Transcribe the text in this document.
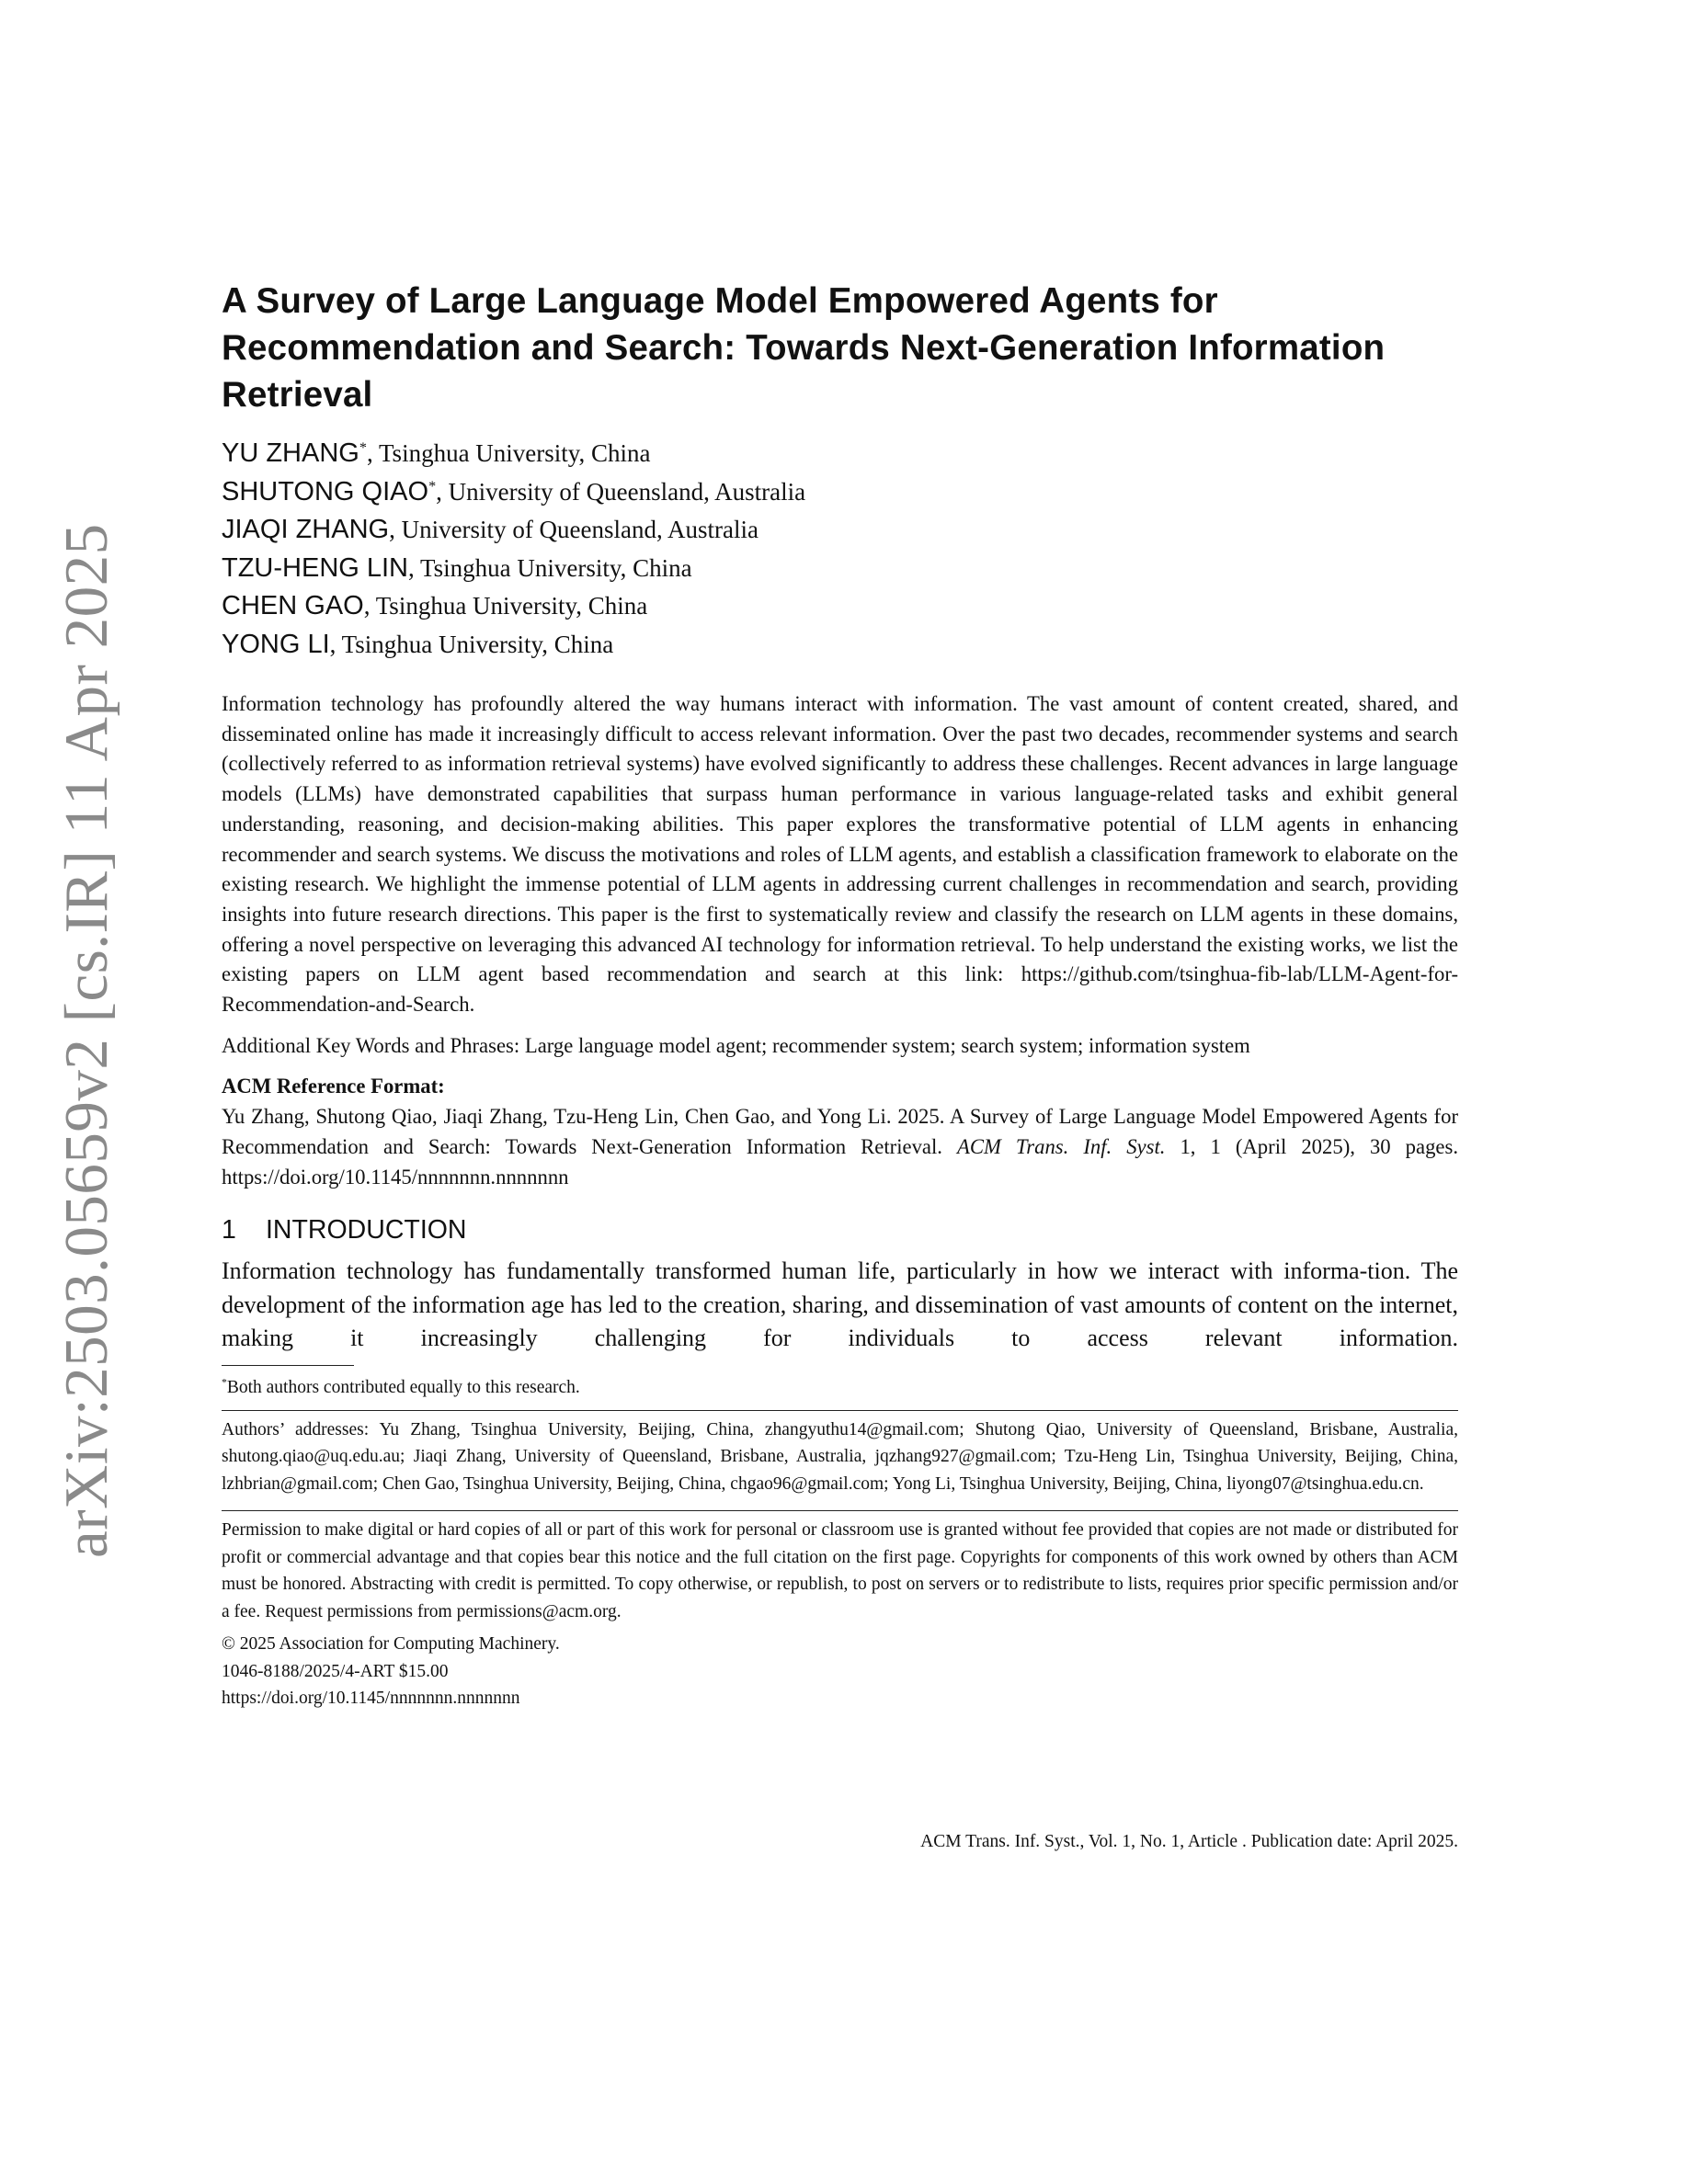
arXiv:2503.05659v2 [cs.IR] 11 Apr 2025
A Survey of Large Language Model Empowered Agents for
Recommendation and Search: Towards Next-Generation Information
Retrieval
YU ZHANG*, Tsinghua University, China
SHUTONG QIAO*, University of Queensland, Australia
JIAQI ZHANG, University of Queensland, Australia
TZU-HENG LIN, Tsinghua University, China
CHEN GAO, Tsinghua University, China
YONG LI, Tsinghua University, China

Information technology has profoundly altered the way humans interact with information. The vast amount of content created, shared, and disseminated online has made it increasingly difficult to access relevant information. Over the past two decades, recommender systems and search (collectively referred to as information retrieval systems) have evolved significantly to address these challenges. Recent advances in large language models (LLMs) have demonstrated capabilities that surpass human performance in various language-related tasks and exhibit general understanding, reasoning, and decision-making abilities. This paper explores the transformative potential of LLM agents in enhancing recommender and search systems. We discuss the motivations and roles of LLM agents, and establish a classification framework to elaborate on the existing research. We highlight the immense potential of LLM agents in addressing current challenges in recommendation and search, providing insights into future research directions. This paper is the first to systematically review and classify the research on LLM agents in these domains, offering a novel perspective on leveraging this advanced AI technology for information retrieval. To help understand the existing works, we list the existing papers on LLM agent based recommendation and search at this link: https://github.com/tsinghua-fib-lab/LLM-Agent-for-Recommendation-and-Search.

Additional Key Words and Phrases: Large language model agent; recommender system; search system; information system
ACM Reference Format:
Yu Zhang, Shutong Qiao, Jiaqi Zhang, Tzu-Heng Lin, Chen Gao, and Yong Li. 2025. A Survey of Large Language Model Empowered Agents for Recommendation and Search: Towards Next-Generation Information Retrieval. ACM Trans. Inf. Syst. 1, 1 (April 2025), 30 pages. https://doi.org/10.1145/nnnnnnn.nnnnnnn
1 INTRODUCTION

Information technology has fundamentally transformed human life, particularly in how we interact with informa-tion. The development of the information age has led to the creation, sharing, and dissemination of vast amounts of content on the internet, making it increasingly challenging for individuals to access relevant information.

*Both authors contributed equally to this research.
Authors’ addresses: Yu Zhang, Tsinghua University, Beijing, China, zhangyuthu14@gmail.com; Shutong Qiao, University of Queensland, Brisbane, Australia, shutong.qiao@uq.edu.au; Jiaqi Zhang, University of Queensland, Brisbane, Australia, jqzhang927@gmail.com; Tzu-Heng Lin, Tsinghua University, Beijing, China, lzhbrian@gmail.com; Chen Gao, Tsinghua University, Beijing, China, chgao96@gmail.com; Yong Li, Tsinghua University, Beijing, China, liyong07@tsinghua.edu.cn.
Permission to make digital or hard copies of all or part of this work for personal or classroom use is granted without fee provided that copies are not made or distributed for profit or commercial advantage and that copies bear this notice and the full citation on the first page. Copyrights for components of this work owned by others than ACM must be honored. Abstracting with credit is permitted. To copy otherwise, or republish, to post on servers or to redistribute to lists, requires prior specific permission and/or a fee. Request permissions from permissions@acm.org.
© 2025 Association for Computing Machinery.
1046-8188/2025/4-ART $15.00
https://doi.org/10.1145/nnnnnnn.nnnnnnn
ACM Trans. Inf. Syst., Vol. 1, No. 1, Article . Publication date: April 2025.
